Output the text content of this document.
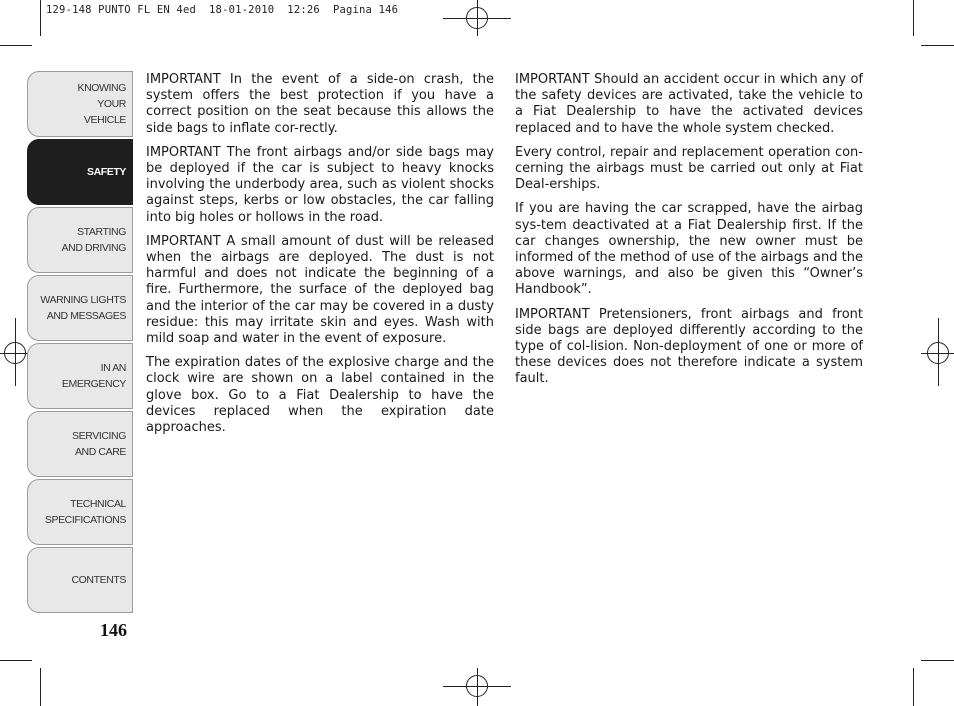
129-148 PUNTO FL EN 4ed  18-01-2010  12:26  Pagina 146
KNOWING
YOUR
VEHICLE
SAFETY
STARTING
AND DRIVING
WARNING LIGHTS
AND MESSAGES
IN AN
EMERGENCY
SERVICING
AND CARE
TECHNICAL
SPECIFICATIONS
CONTENTS
146

IMPORTANT In the event of a side-on crash, the system offers the best protection if you have a correct position on the seat because this allows the side bags to inflate cor-rectly.

IMPORTANT The front airbags and/or side bags may be deployed if the car is subject to heavy knocks involving the underbody area, such as violent shocks against steps, kerbs or low obstacles, the car falling into big holes or hollows in the road.

IMPORTANT A small amount of dust will be released when the airbags are deployed. The dust is not harmful and does not indicate the beginning of a fire. Furthermore, the surface of the deployed bag and the interior of the car may be covered in a dusty residue: this may irritate skin and eyes. Wash with mild soap and water in the event of exposure.

The expiration dates of the explosive charge and the clock wire are shown on a label contained in the glove box. Go to a Fiat Dealership to have the devices replaced when the expiration date approaches.

IMPORTANT Should an accident occur in which any of the safety devices are activated, take the vehicle to a Fiat Dealership to have the activated devices replaced and to have the whole system checked.

Every control, repair and replacement operation con-cerning the airbags must be carried out only at Fiat Deal-erships.

If you are having the car scrapped, have the airbag sys-tem deactivated at a Fiat Dealership first. If the car changes ownership, the new owner must be informed of the method of use of the airbags and the above warnings, and also be given this “Owner’s Handbook”.

IMPORTANT Pretensioners, front airbags and front side bags are deployed differently according to the type of col-lision. Non-deployment of one or more of these devices does not therefore indicate a system fault.
